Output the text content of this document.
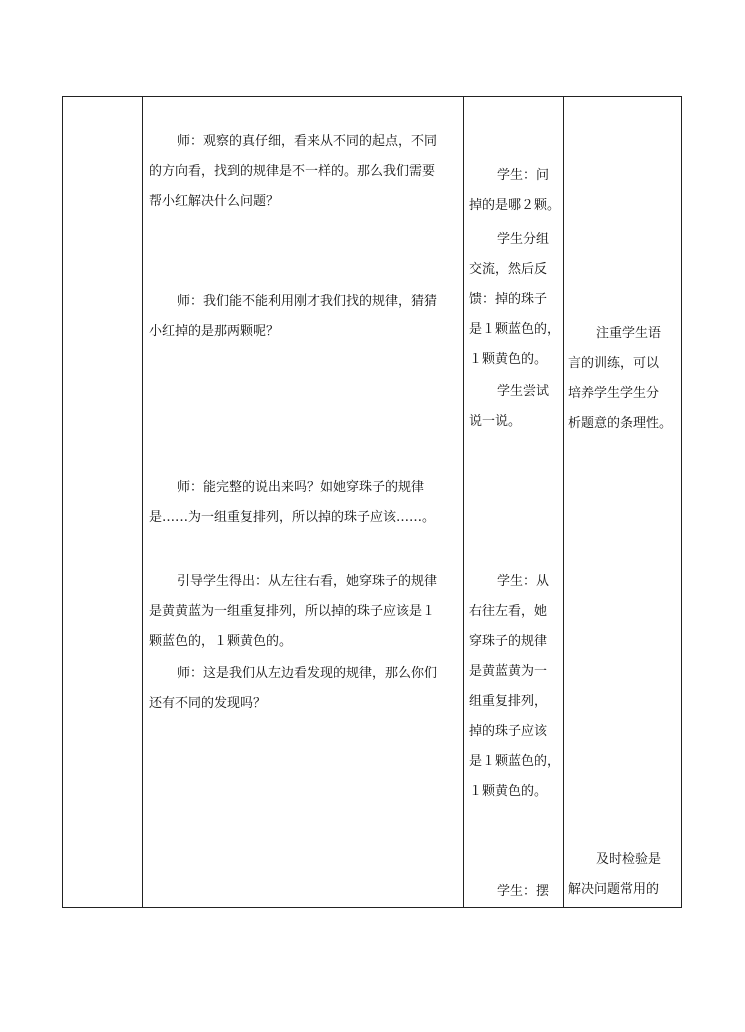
师：观察的真仔细，看来从不同的起点，不同
的方向看，找到的规律是不一样的。那么我们需要
帮小红解决什么问题？
师：我们能不能利用刚才我们找的规律，猜猜
小红掉的是那两颗呢？
师：能完整的说出来吗？如她穿珠子的规律
是……为一组重复排列，所以掉的珠子应该……。
引导学生得出：从左往右看，她穿珠子的规律
是黄黄蓝为一组重复排列，所以掉的珠子应该是１
颗蓝色的，１颗黄色的。
师：这是我们从左边看发现的规律，那么你们
还有不同的发现吗？
学生：问
掉的是哪２颗。
学生分组
交流，然后反
馈：掉的珠子
是１颗蓝色的，
１颗黄色的。
学生尝试
说一说。
学生：从
右往左看，她
穿珠子的规律
是黄蓝黄为一
组重复排列，
掉的珠子应该
是１颗蓝色的，
１颗黄色的。
学生：摆
注重学生语
言的训练，可以
培养学生学生分
析题意的条理性。
及时检验是
解决问题常用的
